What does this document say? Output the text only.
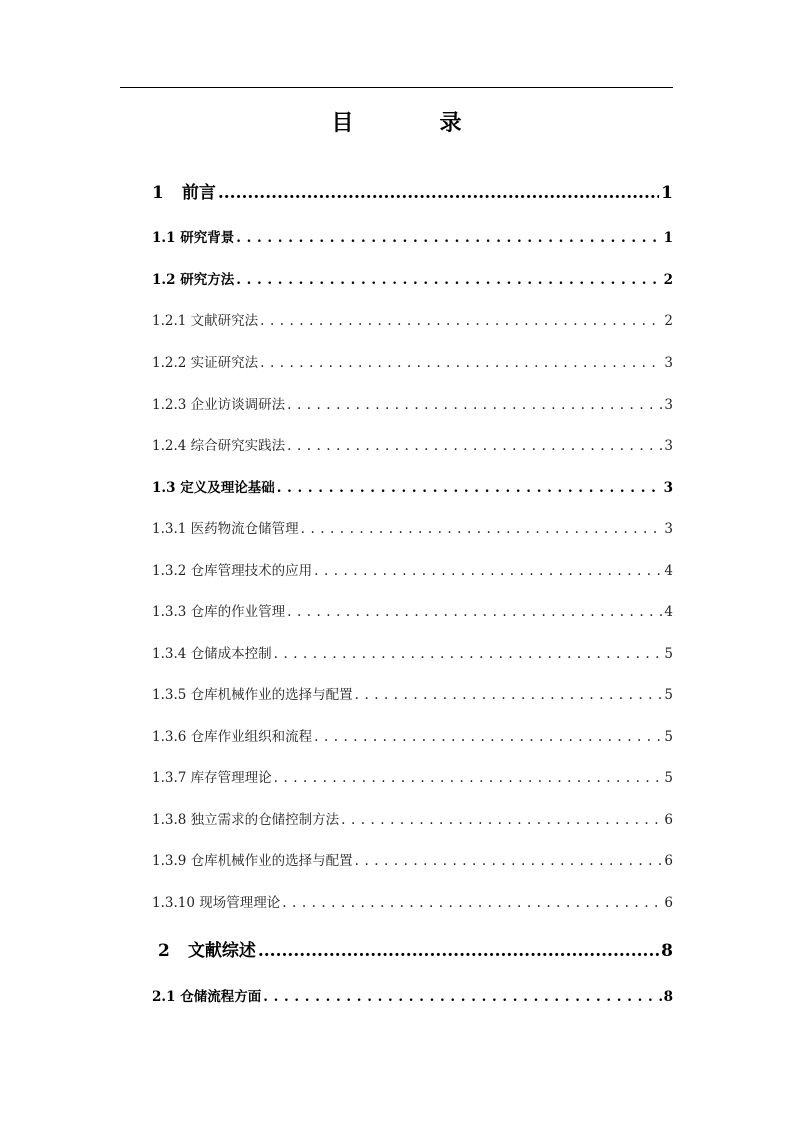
目　录
1 前言 .....	1
1.1 研究背景 . . .	1
1.2 研究方法 . . .	2
1.2.1 文献研究法 . . .	2
1.2.2 实证研究法 . . .	3
1.2.3 企业访谈调研法 . . .	3
1.2.4 综合研究实践法 . . .	3
1.3 定义及理论基础 . . .	3
1.3.1 医药物流仓储管理 . . .	3
1.3.2 仓库管理技术的应用 . . .	4
1.3.3 仓库的作业管理 . . .	4
1.3.4 仓储成本控制 . . .	5
1.3.5 仓库机械作业的选择与配置 . . .	5
1.3.6 仓库作业组织和流程 . . .	5
1.3.7 库存管理理论 . . .	5
1.3.8 独立需求的仓储控制方法 . . .	6
1.3.9 仓库机械作业的选择与配置 . . .	6
1.3.10 现场管理理论 . . .	6
2 文献综述 .....	8
2.1 仓储流程方面 . . .	8
